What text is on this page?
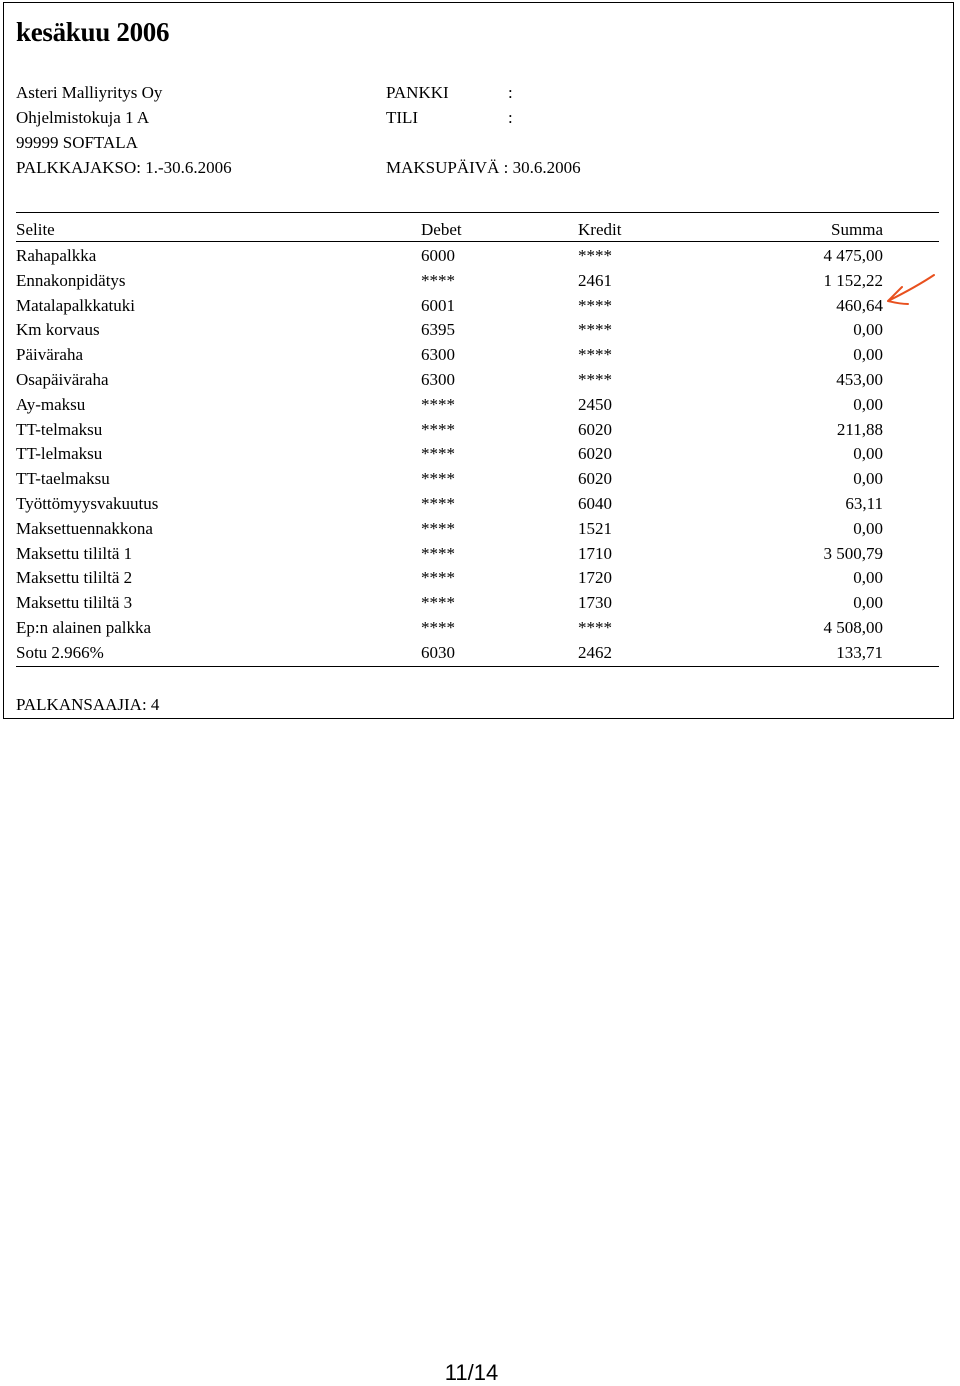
kesäkuu 2006
Asteri Malliyritys Oy
Ohjelmistokuja 1 A
99999 SOFTALA
PALKKAJAKSO: 1.-30.6.2006
PANKKI	:
TILI	:
MAKSUPÄIVÄ : 30.6.2006
Selite	Debet	Kredit	Summa
Rahapalkka	6000	****	4 475,00
Ennakonpidätys	****	2461	1 152,22
Matalapalkkatuki	6001	****	460,64
Km korvaus	6395	****	0,00
Päiväraha	6300	****	0,00
Osapäiväraha	6300	****	453,00
Ay-maksu	****	2450	0,00
TT-telmaksu	****	6020	211,88
TT-lelmaksu	****	6020	0,00
TT-taelmaksu	****	6020	0,00
Työttömyysvakuutus	****	6040	63,11
Maksettuennakkona	****	1521	0,00
Maksettu tililtä 1	****	1710	3 500,79
Maksettu tililtä 2	****	1720	0,00
Maksettu tililtä 3	****	1730	0,00
Ep:n alainen palkka	****	****	4 508,00
Sotu 2.966%	6030	2462	133,71
PALKANSAAJIA: 4
11/14
